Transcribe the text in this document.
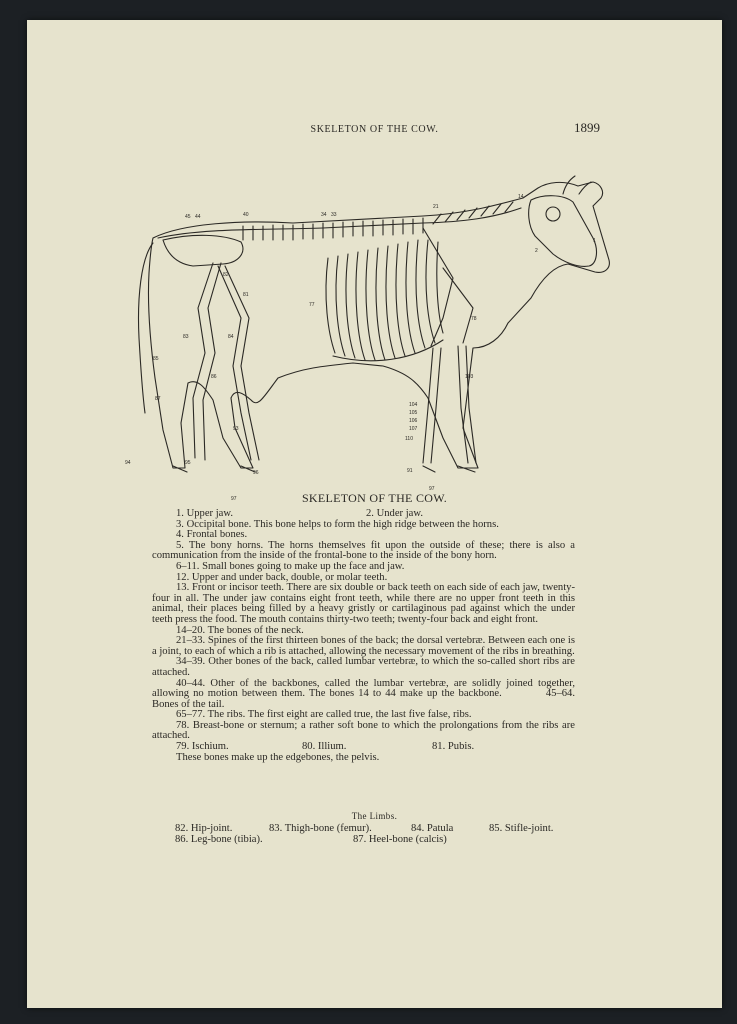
SKELETON OF THE COW.	1899
45 44	40	34 33
21
14
1
2
82
81
77
78
83	84
85
86
87
93
94	95
96
97
103
104
105
106
107
110
91
97
SKELETON OF THE COW.
1. Upper jaw.	2. Under jaw.

3. Occipital bone. This bone helps to form the high ridge between the horns.

4. Frontal bones.

5. The bony horns. The horns themselves fit upon the outside of these; there is also a communication from the inside of the frontal-bone to the inside of the bony horn.

6–11. Small bones going to make up the face and jaw.

12. Upper and under back, double, or molar teeth.

13. Front or incisor teeth. There are six double or back teeth on each side of each jaw, twenty-four in all. The under jaw contains eight front teeth, while there are no upper front teeth in this animal, their places being filled by a heavy gristly or cartilaginous pad against which the under teeth press the food. The mouth contains thirty-two teeth; twenty-four back and eight front.

14–20. The bones of the neck.

21–33. Spines of the first thirteen bones of the back; the dorsal vertebræ. Between each one is a joint, to each of which a rib is attached, allowing the necessary movement of the ribs in breathing.

34–39. Other bones of the back, called lumbar vertebræ, to which the so-called short ribs are attached.

40–44. Other of the backbones, called the lumbar vertebræ, are solidly joined together, allowing no motion between them. The bones 14 to 44 make up the backbone.	45–64. Bones of the tail.

65–77. The ribs. The first eight are called true, the last five false, ribs.

78. Breast-bone or sternum; a rather soft bone to which the prolongations from the ribs are attached.

79. Ischium.	80. Illium.	81. Pubis.

These bones make up the edgebones, the pelvis.

The Limbs.
82. Hip-joint.	83. Thigh-bone (femur).	84. Patula	85. Stifle-joint.
86. Leg-bone (tibia).	87. Heel-bone (calcis)
